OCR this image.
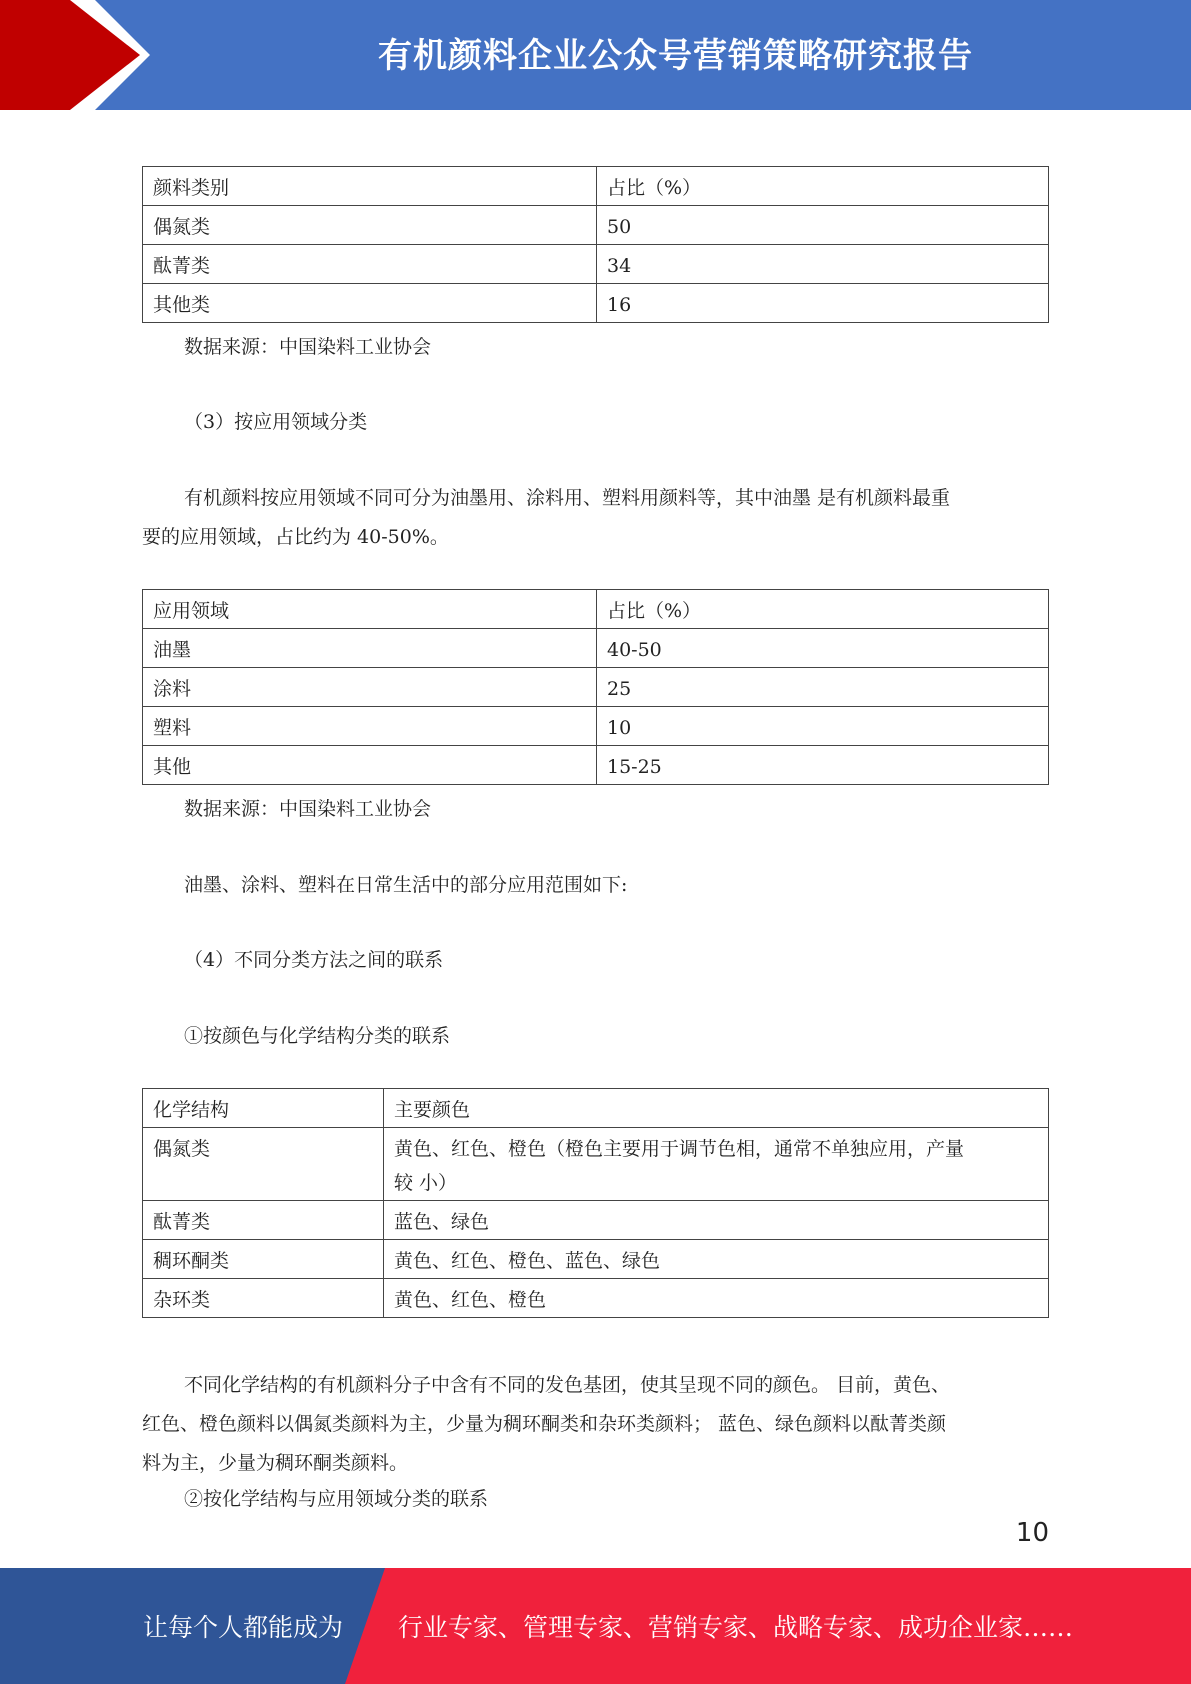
有机颜料企业公众号营销策略研究报告
颜料类别	占比（%）
偶氮类	50
酞菁类	34
其他类	16

数据来源：中国染料工业协会

（3）按应用领域分类

有机颜料按应用领域不同可分为油墨用、涂料用、塑料用颜料等，其中油墨 是有机颜料最重

要的应用领域，占比约为 40-50%。

应用领域	占比（%）
油墨	40-50
涂料	25
塑料	10
其他	15-25

数据来源：中国染料工业协会

油墨、涂料、塑料在日常生活中的部分应用范围如下:

（4）不同分类方法之间的联系

①按颜色与化学结构分类的联系

化学结构	主要颜色
偶氮类	黄色、红色、橙色（橙色主要用于调节色相，通常不单独应用，产量
较 小）

酞菁类	蓝色、绿色
稠环酮类	黄色、红色、橙色、蓝色、绿色
杂环类	黄色、红色、橙色

不同化学结构的有机颜料分子中含有不同的发色基团，使其呈现不同的颜色。 目前，黄色、

红色、橙色颜料以偶氮类颜料为主，少量为稠环酮类和杂环类颜料； 蓝色、绿色颜料以酞菁类颜

料为主，少量为稠环酮类颜料。

②按化学结构与应用领域分类的联系

10
让每个人都能成为 行业专家、管理专家、营销专家、战略专家、成功企业家……
